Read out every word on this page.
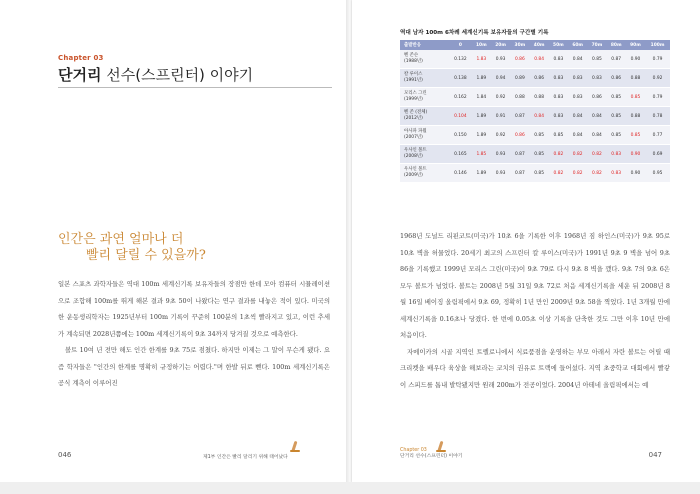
Chapter 03
단거리 선수(스프린터) 이야기
인간은 과연 얼마나 더
빨리 달릴 수 있을까?

일본 스포츠 과학자들은 역대 100m 세계신기록 보유자들의 장점만 한데 모아 컴퓨터 시뮬레이션으로 조합해 100m를 뛰게 해본 결과 9초 50이 나왔다는 연구 결과를 내놓은 적이 있다. 미국의 한 운동생리학자는 1925년부터 100m 기록이 꾸준히 100분의 1초씩 빨라지고 있고, 이런 추세가 계속되면 2028년쯤에는 100m 세계신기록이 9초 34까지 당겨질 것으로 예측한다.

볼트 10여 년 전만 해도 인간 한계를 9초 75로 점쳤다. 하지만 이제는 그 말이 무슨게 됐다. 요즘 학자들은 "인간의 한계를 명확히 규정하기는 어렵다."며 한발 뒤로 뺀다. 100m 세계신기록은 공식 계측이 이루어진

046	제1부 인간은 빨리 달리기 위해 태어났다
역대 남자 100m 6차례 세계신기록 보유자들의 구간별 기록
출발반응	0	10m	20m	30m	40m	50m	60m	70m	80m	90m	100m
벤 존슨
(1988년)	0.132	1.83	0.93	0.86	0.84	0.83	0.84	0.85	0.87	0.90	0.79
칼 루이스
(1991년)	0.138	1.89	0.94	0.89	0.86	0.83	0.83	0.83	0.86	0.88	0.92
모리스 그린
(1999년)	0.162	1.84	0.92	0.88	0.88	0.83	0.83	0.86	0.85	0.85	0.79
벤 존 (전체)
(2012년)	0.104	1.89	0.91	0.87	0.84	0.83	0.84	0.84	0.85	0.88	0.78
아사파 파월
(2007년)	0.150	1.89	0.92	0.86	0.85	0.85	0.84	0.84	0.85	0.85	0.77
우사인 볼트
(2008년)	0.165	1.85	0.93	0.87	0.85	0.82	0.82	0.82	0.83	0.90	0.69
우사인 볼트
(2009년)	0.146	1.89	0.93	0.87	0.85	0.82	0.82	0.82	0.83	0.90	0.95

1968년 도널드 리핀코트(미국)가 10초 6을 기록한 이후 1968년 짐 하인스(미국)가 9초 95로 10초 벽을 허물었다. 20세기 최고의 스프린터 칼 루이스(미국)가 1991년 9초 9 벽을 넘어 9초 86을 기록했고 1999년 모리스 그린(미국)이 9초 79로 다시 9초 8 벽을 깼다. 9초 7의 9초 6은 모두 볼트가 넘었다. 볼트는 2008년 5월 31일 9초 72로 처음 세계신기록을 세운 뒤 2008년 8월 16일 베이징 올림픽에서 9초 69, 정확히 1년 만인 2009년 9초 58을 찍었다. 1년 3개월 만에 세계신기록을 0.16초나 당겼다. 한 번에 0.05초 이상 기록을 단축한 것도 그만 이후 10년 만에 처음이다.

자메이카의 시골 지역인 트렐로니에서 식료품점을 운영하는 부모 아래서 자란 볼트는 어릴 때 크리켓을 배우다 육상을 해보라는 코치의 권유로 트랙에 들어섰다. 지역 초중학교 대회에서 빨갛이 스피드를 톱내 발탁됐지만 원래 200m가 전공이었다. 2004년 아테네 올림픽에서는 예

Chapter 03
단거리 선수(스프린터) 이야기	047
